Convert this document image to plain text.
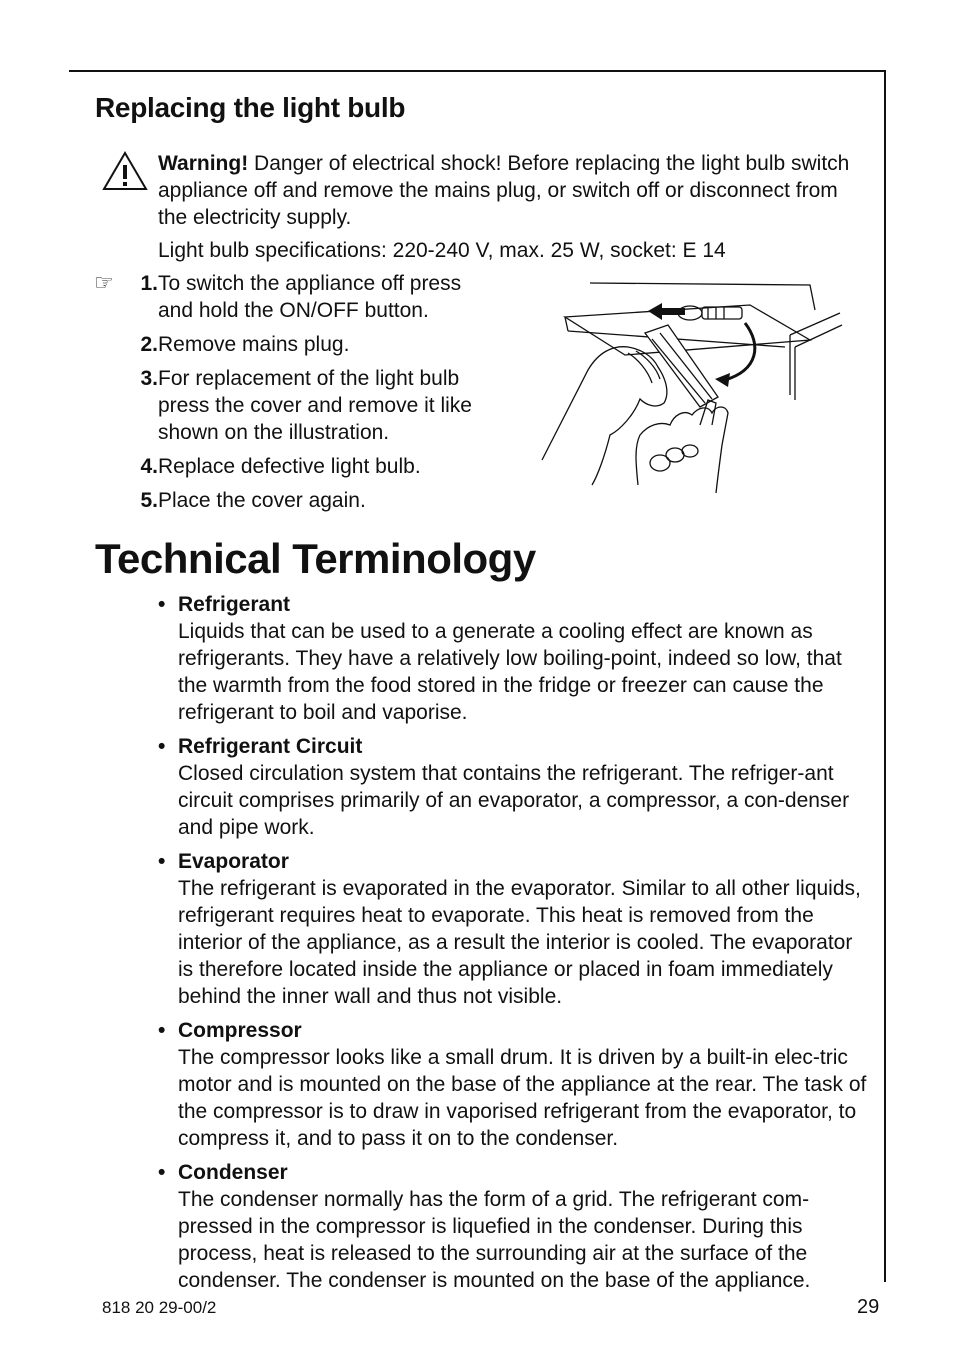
Replacing the light bulb

Warning! Danger of electrical shock! Before replacing the light bulb switch appliance off and remove the mains plug, or switch off or disconnect from the electricity supply.

Light bulb specifications: 220-240 V, max. 25 W, socket: E 14

☞	1. To switch the appliance off press and hold the ON/OFF button.
2. Remove mains plug.
3. For replacement of the light bulb press the cover and remove it like shown on the illustration.
4. Replace defective light bulb.
5. Place the cover again.
Technical Terminology
• Refrigerant
Liquids that can be used to a generate a cooling effect are known as refrigerants. They have a relatively low boiling-point, indeed so low, that the warmth from the food stored in the fridge or freezer can cause the refrigerant to boil and vaporise.
• Refrigerant Circuit
Closed circulation system that contains the refrigerant. The refriger-ant circuit comprises primarily of an evaporator, a compressor, a con-denser and pipe work.
• Evaporator
The refrigerant is evaporated in the evaporator. Similar to all other liquids, refrigerant requires heat to evaporate. This heat is removed from the interior of the appliance, as a result the interior is cooled. The evaporator is therefore located inside the appliance or placed in foam immediately behind the inner wall and thus not visible.
• Compressor
The compressor looks like a small drum. It is driven by a built-in elec-tric motor and is mounted on the base of the appliance at the rear. The task of the compressor is to draw in vaporised refrigerant from the evaporator, to compress it, and to pass it on to the condenser.
• Condenser
The condenser normally has the form of a grid. The refrigerant com-pressed in the compressor is liquefied in the condenser. During this process, heat is released to the surrounding air at the surface of the condenser. The condenser is mounted on the base of the appliance.
818 20 29-00/2	29
